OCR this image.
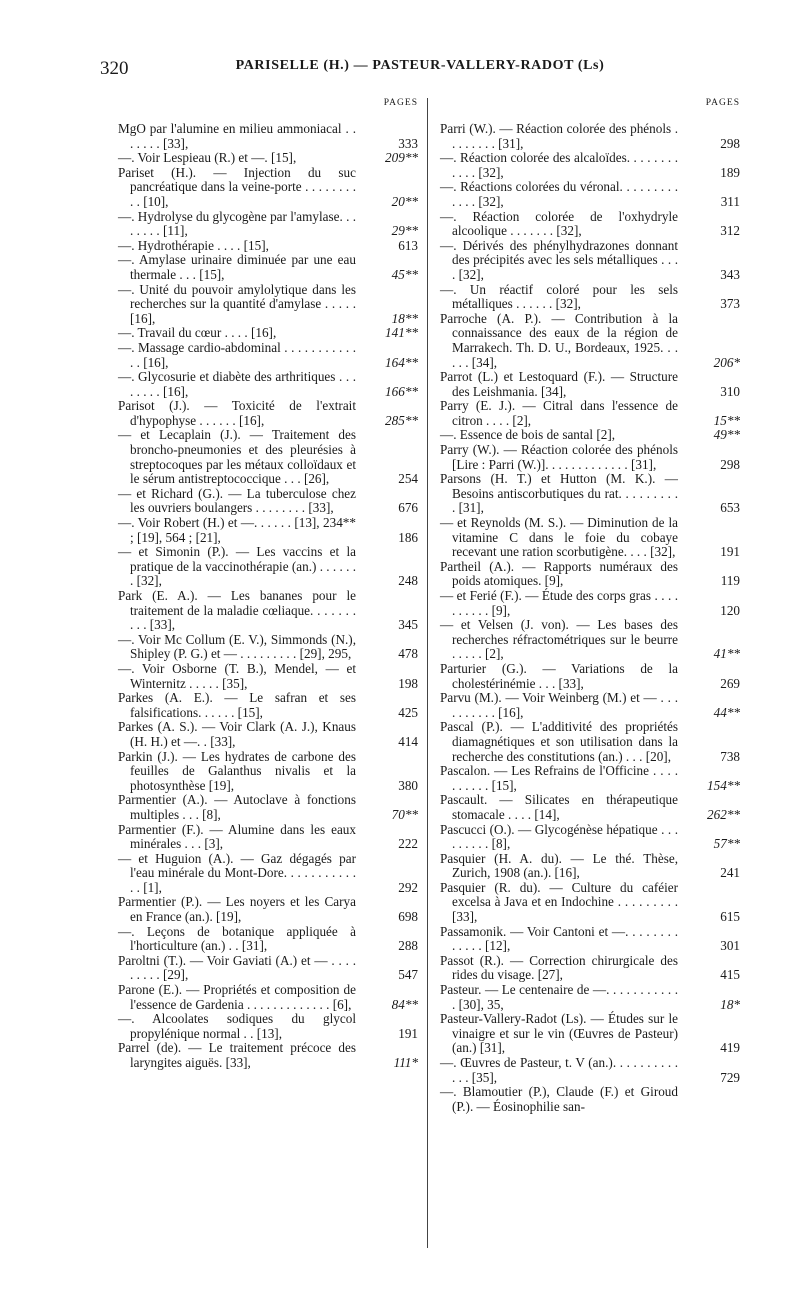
320	PARISELLE (H.) — PASTEUR-VALLERY-RADOT (Ls)
PAGES
MgO par l'alumine en milieu ammoniacal . . . . . . . [33],	333
—. Voir Lespieau (R.) et —. [15],	209**
Pariset (H.). — Injection du suc pancréatique dans la veine-porte . . . . . . . . . . [10],	20**
—. Hydrolyse du glycogène par l'amylase. . . . . . . . [11],	29**
—. Hydrothérapie . . . . [15],	613
—. Amylase urinaire diminuée par une eau thermale . . . [15],	45**
—. Unité du pouvoir amylolytique dans les recherches sur la quantité d'amylase . . . . . [16],	18**
—. Travail du cœur . . . . [16],	141**
—. Massage cardio-abdominal . . . . . . . . . . . . . [16],	164**
—. Glycosurie et diabète des arthritiques . . . . . . . . [16],	166**
Parisot (J.). — Toxicité de l'extrait d'hypophyse . . . . . . [16],	285**
— et Lecaplain (J.). — Traitement des broncho-pneumonies et des pleurésies à streptocoques par les métaux colloïdaux et le sérum antistreptococcique . . . [26],	254
— et Richard (G.). — La tuberculose chez les ouvriers boulangers . . . . . . . . [33],	676
—. Voir Robert (H.) et —. . . . . . [13], 234** ; [19], 564 ; [21],	186
— et Simonin (P.). — Les vaccins et la pratique de la vaccinothérapie (an.) . . . . . . . [32],	248
Park (E. A.). — Les bananes pour le traitement de la maladie cœliaque. . . . . . . . . . [33],	345
—. Voir Mc Collum (E. V.), Simmonds (N.), Shipley (P. G.) et — . . . . . . . . . [29], 295,	478
—. Voir Osborne (T. B.), Mendel, — et Winternitz . . . . . [35],	198
Parkes (A. E.). — Le safran et ses falsifications. . . . . . [15],	425
Parkes (A. S.). — Voir Clark (A. J.), Knaus (H. H.) et —. . [33],	414
Parkin (J.). — Les hydrates de carbone des feuilles de Galanthus nivalis et la photosynthèse [19],	380
Parmentier (A.). — Autoclave à fonctions multiples . . . [8],	70**
Parmentier (F.). — Alumine dans les eaux minérales . . . [3],	222
— et Huguion (A.). — Gaz dégagés par l'eau minérale du Mont-Dore. . . . . . . . . . . . . [1],	292
Parmentier (P.). — Les noyers et les Carya en France (an.). [19],	698
—. Leçons de botanique appliquée à l'horticulture (an.) . . [31],	288
Paroltni (T.). — Voir Gaviati (A.) et — . . . . . . . . . [29],	547
Parone (E.). — Propriétés et composition de l'essence de Gardenia . . . . . . . . . . . . . [6],	84**
—. Alcoolates sodiques du glycol propylénique normal . . [13],	191
Parrel (de). — Le traitement précoce des laryngites aiguës. [33],	111*
PAGES
Parri (W.). — Réaction colorée des phénols . . . . . . . . [31],	298
—. Réaction colorée des alcaloïdes. . . . . . . . . . . . [32],	189
—. Réactions colorées du véronal. . . . . . . . . . . . . [32],	311
—. Réaction colorée de l'oxhydryle alcoolique . . . . . . . [32],	312
—. Dérivés des phénylhydrazones donnant des précipités avec les sels métalliques . . . . [32],	343
—. Un réactif coloré pour les sels métalliques . . . . . . [32],	373
Parroche (A. P.). — Contribution à la connaissance des eaux de la région de Marrakech. Th. D. U., Bordeaux, 1925. . . . . . [34],	206*
Parrot (L.) et Lestoquard (F.). — Structure des Leishmania. [34],	310
Parry (E. J.). — Citral dans l'essence de citron . . . . [2],	15**
—. Essence de bois de santal [2],	49**
Parry (W.). — Réaction colorée des phénols [Lire : Parri (W.)]. . . . . . . . . . . . . [31],	298
Parsons (H. T.) et Hutton (M. K.). — Besoins antiscorbutiques du rat. . . . . . . . . . [31],	653
— et Reynolds (M. S.). — Diminution de la vitamine C dans le foie du cobaye recevant une ration scorbutigène. . . . [32],	191
Partheil (A.). — Rapports numéraux des poids atomiques. [9],	119
— et Ferié (F.). — Étude des corps gras . . . . . . . . . . [9],	120
— et Velsen (J. von). — Les bases des recherches réfractométriques sur le beurre . . . . . [2],	41**
Parturier (G.). — Variations de la cholestérinémie . . . [33],	269
Parvu (M.). — Voir Weinberg (M.) et — . . . . . . . . . . [16],	44**
Pascal (P.). — L'additivité des propriétés diamagnétiques et son utilisation dans la recherche des constitutions (an.) . . . [20],	738
Pascalon. — Les Refrains de l'Officine . . . . . . . . . . [15],	154**
Pascault. — Silicates en thérapeutique stomacale . . . . [14],	262**
Pascucci (O.). — Glycogénèse hépatique . . . . . . . . . [8],	57**
Pasquier (H. A. du). — Le thé. Thèse, Zurich, 1908 (an.). [16],	241
Pasquier (R. du). — Culture du caféier excelsa à Java et en Indochine . . . . . . . . . [33],	615
Passamonik. — Voir Cantoni et —. . . . . . . . . . . . . [12],	301
Passot (R.). — Correction chirurgicale des rides du visage. [27],	415
Pasteur. — Le centenaire de —. . . . . . . . . . . . [30], 35,	18*
Pasteur-Vallery-Radot (Ls). — Études sur le vinaigre et sur le vin (Œuvres de Pasteur) (an.) [31],	419
—. Œuvres de Pasteur, t. V (an.). . . . . . . . . . . . . [35],	729
—. Blamoutier (P.), Claude (F.) et Giroud (P.). — Éosinophilie san-
